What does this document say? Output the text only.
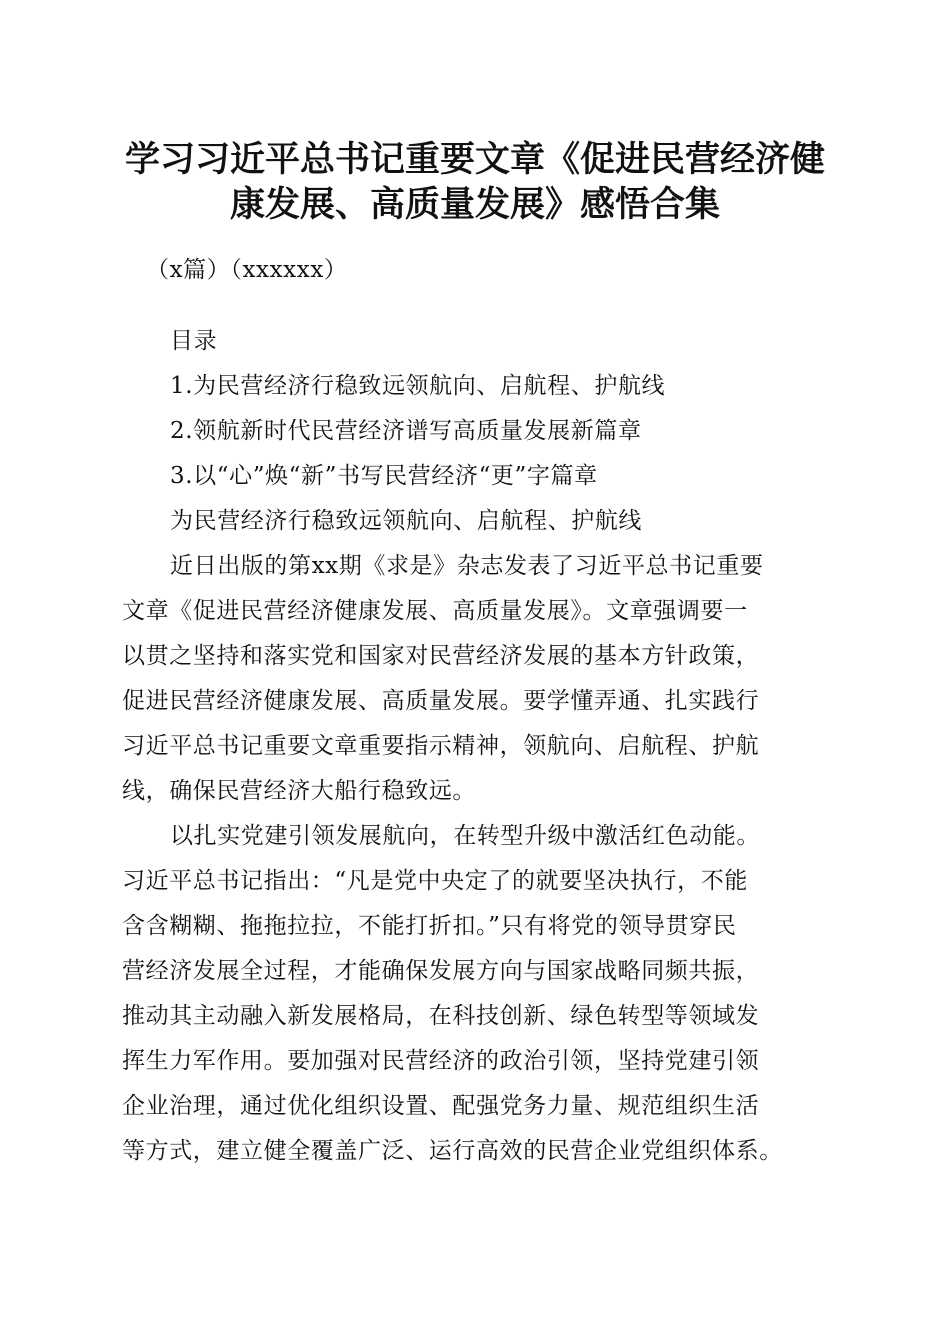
学习习近平总书记重要文章《促进民营经济健
康发展、高质量发展》感悟合集
（x篇）（xxxxxx）
目录
1.为民营经济行稳致远领航向、启航程、护航线
2.领航新时代民营经济谱写高质量发展新篇章
3.以“心”焕“新”书写民营经济“更”字篇章
为民营经济行稳致远领航向、启航程、护航线
近日出版的第xx期《求是》杂志发表了习近平总书记重要
文章《促进民营经济健康发展、高质量发展》。文章强调要一
以贯之坚持和落实党和国家对民营经济发展的基本方针政策，
促进民营经济健康发展、高质量发展。要学懂弄通、扎实践行
习近平总书记重要文章重要指示精神，领航向、启航程、护航
线，确保民营经济大船行稳致远。
以扎实党建引领发展航向，在转型升级中激活红色动能。
习近平总书记指出：“凡是党中央定了的就要坚决执行，不能
含含糊糊、拖拖拉拉，不能打折扣。”只有将党的领导贯穿民
营经济发展全过程，才能确保发展方向与国家战略同频共振，
推动其主动融入新发展格局，在科技创新、绿色转型等领域发
挥生力军作用。要加强对民营经济的政治引领，坚持党建引领
企业治理，通过优化组织设置、配强党务力量、规范组织生活
等方式，建立健全覆盖广泛、运行高效的民营企业党组织体系。
